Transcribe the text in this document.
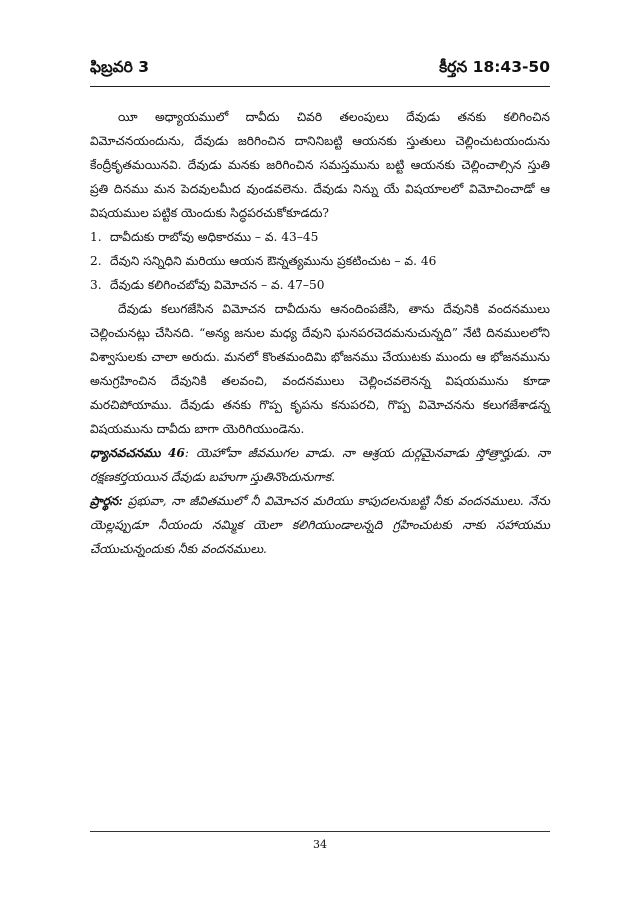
ఫిబ్రవరి 3	కీర్తన 18:43-50

యీ అధ్యాయములో దావీదు చివరి తలంపులు దేవుడు తనకు కలిగించిన విమోచనయందును, దేవుడు జరిగించిన దానినిబట్టి ఆయనకు స్తుతులు చెల్లించుటయందును కేంద్రీకృతమయినవి. దేవుడు మనకు జరిగించిన సమస్తమును బట్టి ఆయనకు చెల్లించాల్సిన స్తుతి ప్రతి దినము మన పెదవులమీద వుండవలెను. దేవుడు నిన్ను యే విషయాలలో విమోచించాడో ఆ విషయముల పట్టిక యెందుకు సిద్ధపరచుకోకూడదు?

1. దావీదుకు రాబోవు అధికారము – వ. 43–45
2. దేవుని సన్నిధిని మరియు ఆయన ఔన్నత్యమును ప్రకటించుట – వ. 46
3. దేవుడు కలిగించబోవు విమోచన – వ. 47–50

దేవుడు కలుగజేసిన విమోచన దావీదును ఆనందింపజేసి, తాను దేవునికి వందనములు చెల్లించునట్లు చేసినది. “అన్య జనుల మధ్య దేవుని ఘనపరచెదమనుచున్నది” నేటి దినములలోని విశ్వాసులకు చాలా అరుదు. మనలో కొంతమందిమి భోజనము చేయుటకు ముందు ఆ భోజనమును అనుగ్రహించిన దేవునికి తలవంచి, వందనములు చెల్లించవలెనన్న విషయమును కూడా మరచిపోయాము. దేవుడు తనకు గొప్ప కృపను కనుపరచి, గొప్ప విమోచనను కలుగజేశాడన్న విషయమును దావీదు బాగా యెరిగియుండెను.

ధ్యానవచనము 46: యెహోవా జీవముగల వాడు. నా ఆశ్రయ దుర్గమైనవాడు స్తోత్రార్హుడు. నా రక్షణకర్తయయిన దేవుడు బహుగా స్తుతినొందునుగాక.

ప్రార్థన: ప్రభువా, నా జీవితములో నీ విమోచన మరియు కాపుదలనుబట్టి నీకు వందనములు. నేను యెల్లప్పుడూ నీయందు నమ్మిక యెలా కలిగియుండాలన్నది గ్రహించుటకు నాకు సహాయము చేయుచున్నందుకు నీకు వందనములు.

34
